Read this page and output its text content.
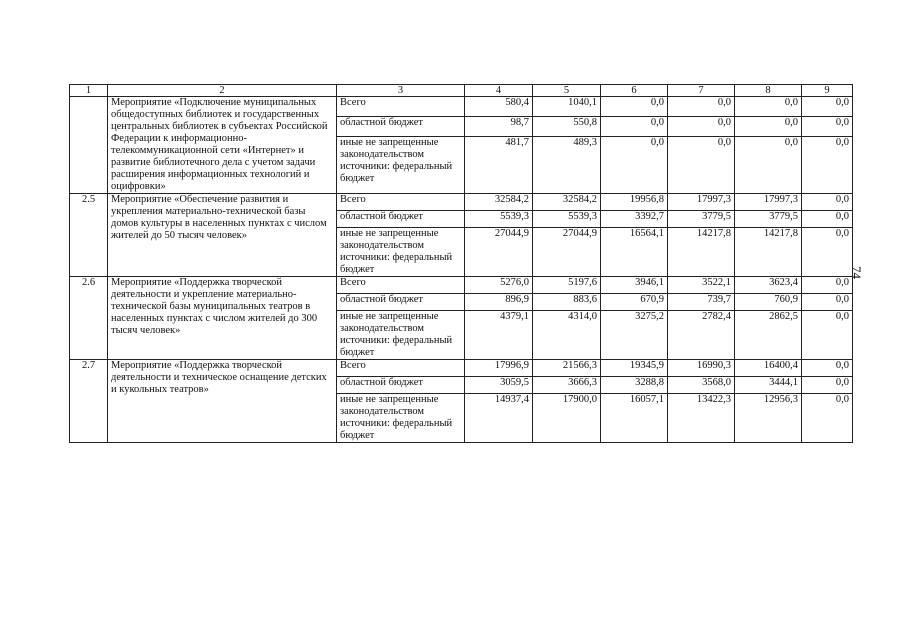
74
1	2	3	4	5	6	7	8	9
	Мероприятие «Подключение муниципальных общедоступных библиотек и государственных центральных библиотек в субъектах Российской Федерации к информационно-телекоммуникационной сети «Интернет» и развитие библиотечного дела с учетом задачи расширения информационных технологий и оцифровки»	Всего	580,4	1040,1	0,0	0,0	0,0	0,0
		областной бюджет	98,7	550,8	0,0	0,0	0,0	0,0
		иные не запрещенные законодательством источники: федеральный бюджет	481,7	489,3	0,0	0,0	0,0	0,0
2.5	Мероприятие «Обеспечение развития и укрепления материально-технической базы домов культуры в населенных пунктах с числом жителей до 50 тысяч человек»	Всего	32584,2	32584,2	19956,8	17997,3	17997,3	0,0
		областной бюджет	5539,3	5539,3	3392,7	3779,5	3779,5	0,0
		иные не запрещенные законодательством источники: федеральный бюджет	27044,9	27044,9	16564,1	14217,8	14217,8	0,0
2.6	Мероприятие «Поддержка творческой деятельности и укрепление материально-технической базы муниципальных театров в населенных пунктах с числом жителей до 300 тысяч человек»	Всего	5276,0	5197,6	3946,1	3522,1	3623,4	0,0
		областной бюджет	896,9	883,6	670,9	739,7	760,9	0,0
		иные не запрещенные законодательством источники: федеральный бюджет	4379,1	4314,0	3275,2	2782,4	2862,5	0,0
2.7	Мероприятие «Поддержка творческой деятельности и техническое оснащение детских и кукольных театров»	Всего	17996,9	21566,3	19345,9	16990,3	16400,4	0,0
		областной бюджет	3059,5	3666,3	3288,8	3568,0	3444,1	0,0
		иные не запрещенные законодательством источники: федеральный бюджет	14937,4	17900,0	16057,1	13422,3	12956,3	0,0
